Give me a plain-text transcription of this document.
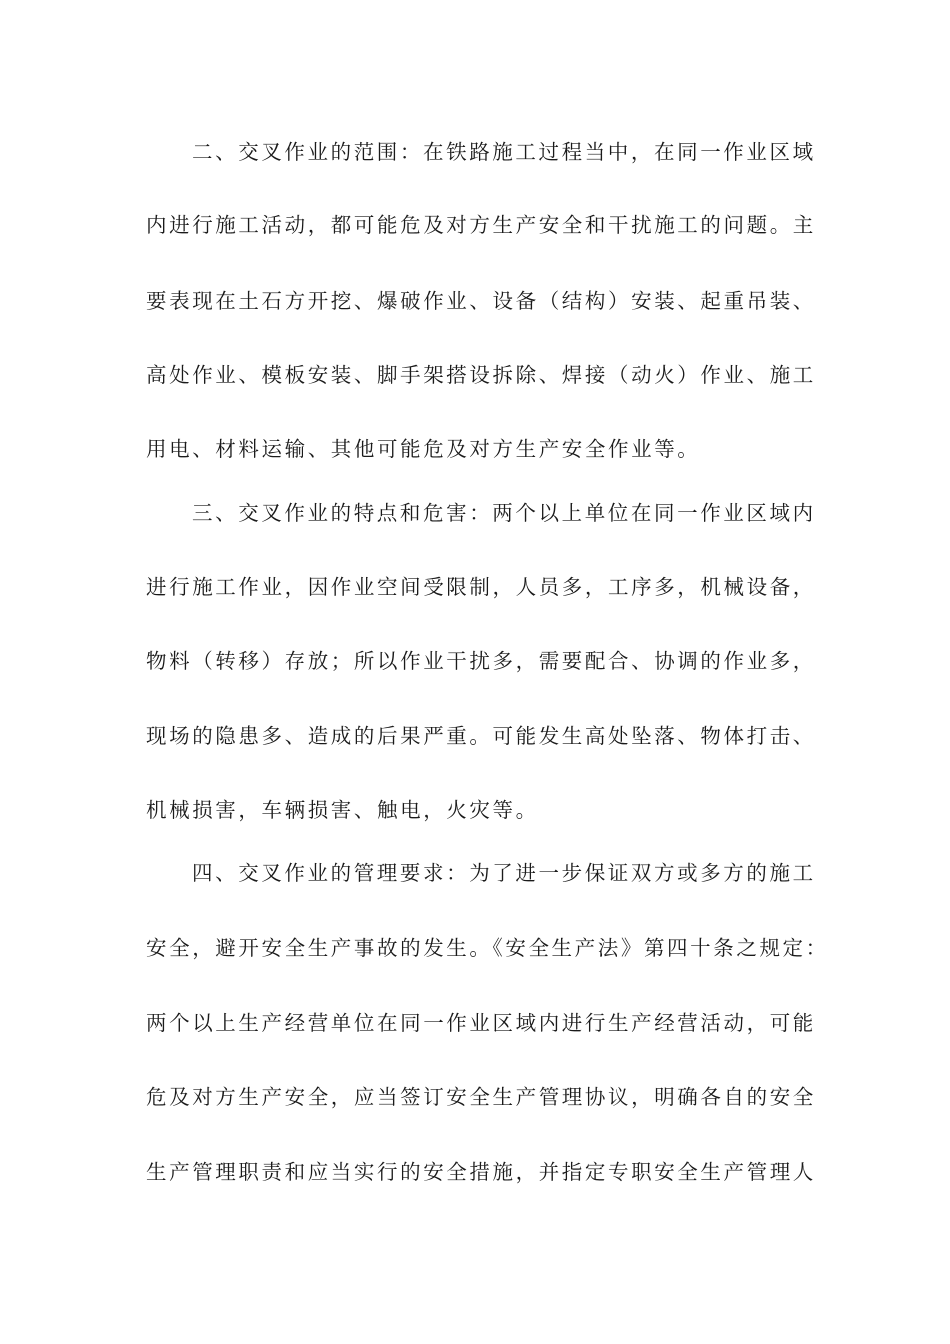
二、交叉作业的范围：在铁路施工过程当中，在同一作业区域
内进行施工活动，都可能危及对方生产安全和干扰施工的问题。主
要表现在土石方开挖、爆破作业、设备（结构）安装、起重吊装、
高处作业、模板安装、脚手架搭设拆除、焊接（动火）作业、施工
用电、材料运输、其他可能危及对方生产安全作业等。
三、交叉作业的特点和危害：两个以上单位在同一作业区域内
进行施工作业，因作业空间受限制，人员多，工序多，机械设备，
物料（转移）存放；所以作业干扰多，需要配合、协调的作业多，
现场的隐患多、造成的后果严重。可能发生高处坠落、物体打击、
机械损害，车辆损害、触电，火灾等。
四、交叉作业的管理要求：为了进一步保证双方或多方的施工
安全，避开安全生产事故的发生。《安全生产法》第四十条之规定：
两个以上生产经营单位在同一作业区域内进行生产经营活动，可能
危及对方生产安全，应当签订安全生产管理协议，明确各自的安全
生产管理职责和应当实行的安全措施，并指定专职安全生产管理人
